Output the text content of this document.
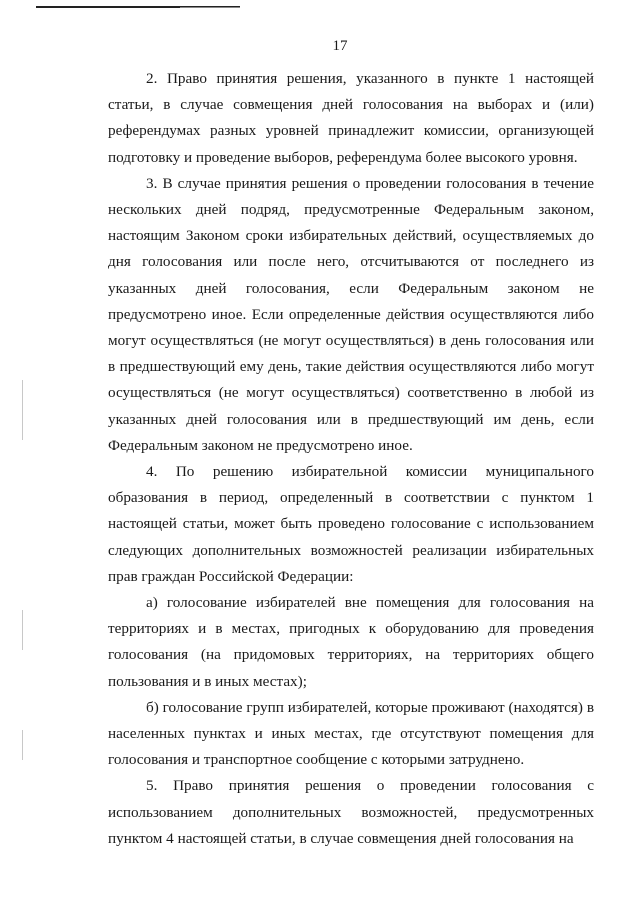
17

2. Право принятия решения, указанного в пункте 1 настоящей статьи, в случае совмещения дней голосования на выборах и (или) референдумах разных уровней принадлежит комиссии, организующей подготовку и проведение выборов, референдума более высокого уровня.

3. В случае принятия решения о проведении голосования в течение нескольких дней подряд, предусмотренные Федеральным законом, настоящим Законом сроки избирательных действий, осуществляемых до дня голосования или после него, отсчитываются от последнего из указанных дней голосования, если Федеральным законом не предусмотрено иное. Если определенные действия осуществляются либо могут осуществляться (не могут осуществляться) в день голосования или в предшествующий ему день, такие действия осуществляются либо могут осуществляться (не могут осуществляться) соответственно в любой из указанных дней голосования или в предшествующий им день, если Федеральным законом не предусмотрено иное.

4. По решению избирательной комиссии муниципального образования в период, определенный в соответствии с пунктом 1 настоящей статьи, может быть проведено голосование с использованием следующих дополнительных возможностей реализации избирательных прав граждан Российской Федерации:

а) голосование избирателей вне помещения для голосования на территориях и в местах, пригодных к оборудованию для проведения голосования (на придомовых территориях, на территориях общего пользования и в иных местах);

б) голосование групп избирателей, которые проживают (находятся) в населенных пунктах и иных местах, где отсутствуют помещения для голосования и транспортное сообщение с которыми затруднено.

5. Право принятия решения о проведении голосования с использованием дополнительных возможностей, предусмотренных пунктом 4 настоящей статьи, в случае совмещения дней голосования на
